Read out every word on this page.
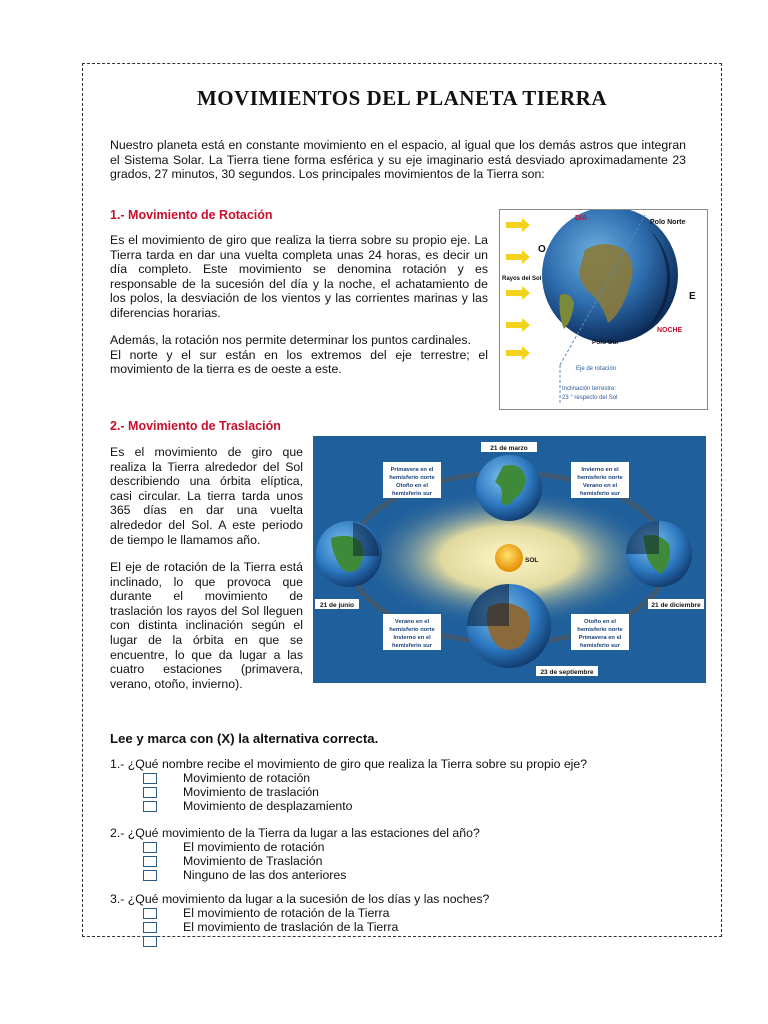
MOVIMIENTOS DEL PLANETA TIERRA

Nuestro planeta está en constante movimiento en el espacio, al igual que los demás astros que integran el Sistema Solar. La Tierra tiene forma esférica y su eje imaginario está desviado aproximadamente 23 grados, 27 minutos, 30 segundos. Los principales movimientos de la Tierra son:

1.- Movimiento de Rotación

Es el movimiento de giro que realiza la tierra sobre su propio eje. La Tierra tarda en dar una vuelta completa unas 24 horas, es decir un día completo. Este movimiento se denomina rotación y es responsable de la sucesión del día y la noche, el achatamiento de los polos, la desviación de los vientos y las corrientes marinas y las diferencias horarias.

Además, la rotación nos permite determinar los puntos cardinales.

El norte y el sur están en los extremos del eje terrestre; el movimiento de la tierra es de oeste a este.

DÍA
Polo Norte
O
Rayos del Sol
E
NOCHE
Polo Sur
Eje de rotación
Inclinación terrestre:
23 ° respecto del Sol
2.- Movimiento de Traslación

Es el movimiento de giro que realiza la Tierra alrededor del Sol describiendo una órbita elíptica, casi circular. La tierra tarda unos 365 días en dar una vuelta alrededor del Sol. A este periodo de tiempo le llamamos año.

El eje de rotación de la Tierra está inclinado, lo que provoca que durante el movimiento de traslación los rayos del Sol lleguen con distinta inclinación según el lugar de la órbita en que se encuentre, lo que da lugar a las cuatro estaciones (primavera, verano, otoño, invierno).

SOL
21 de marzo
21 de junio	21 de diciembre
23 de septiembre
Primavera en el
hemisferio norte
Otoño en el
hemisferio sur
Invierno en el
hemisferio norte
Verano en el
hemisferio sur
Verano en el
hemisferio norte
Invierno en el
hemisferio sur
Otoño en el
hemisferio norte
Primavera en el
hemisferio sur
Lee y marca con (X) la alternativa correcta.
1.- ¿Qué nombre recibe el movimiento de giro que realiza la Tierra sobre su propio eje?
Movimiento de rotación
Movimiento de traslación
Movimiento de desplazamiento
2.- ¿Qué movimiento de la Tierra da lugar a las estaciones del año?
El movimiento de rotación
Movimiento de Traslación
Ninguno de las dos anteriores
3.- ¿Qué movimiento da lugar a la sucesión de los días y las noches?
El movimiento de rotación de la Tierra
El movimiento de traslación de la Tierra
